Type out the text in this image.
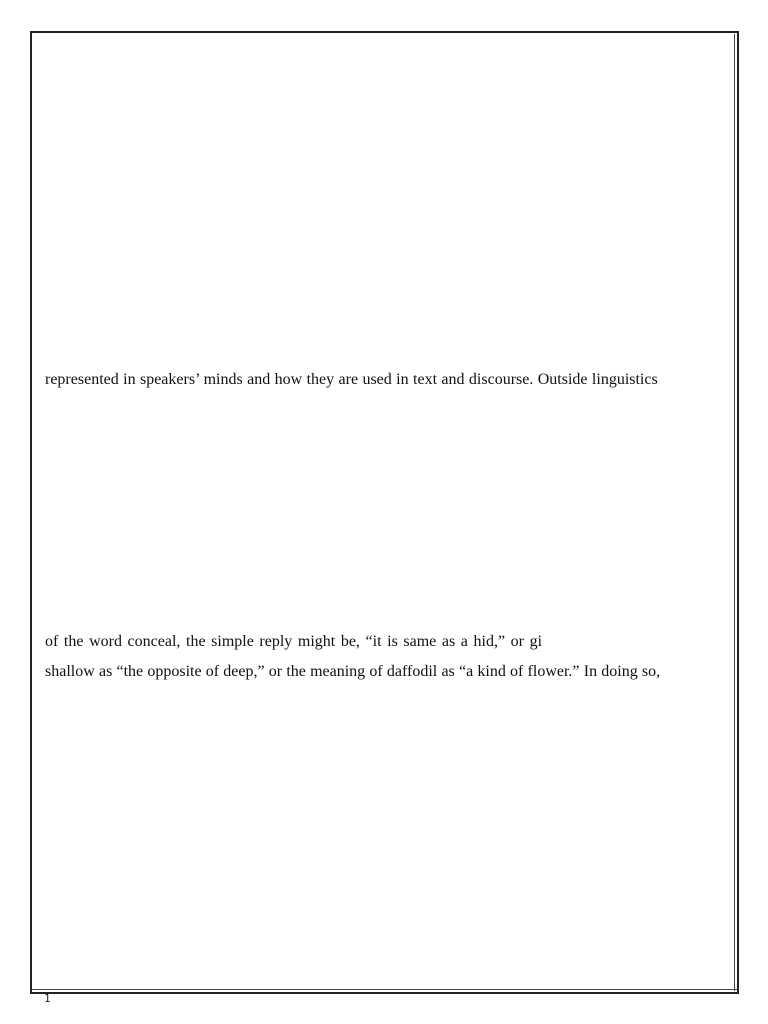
represented in speakers’ minds and how they are used in text and discourse. Outside linguistics
of the word conceal, the simple reply might be, “it is same as a hid,” or gi
shallow as “the opposite of deep,” or the meaning of daffodil as “a kind of flower.” In doing so,
1
